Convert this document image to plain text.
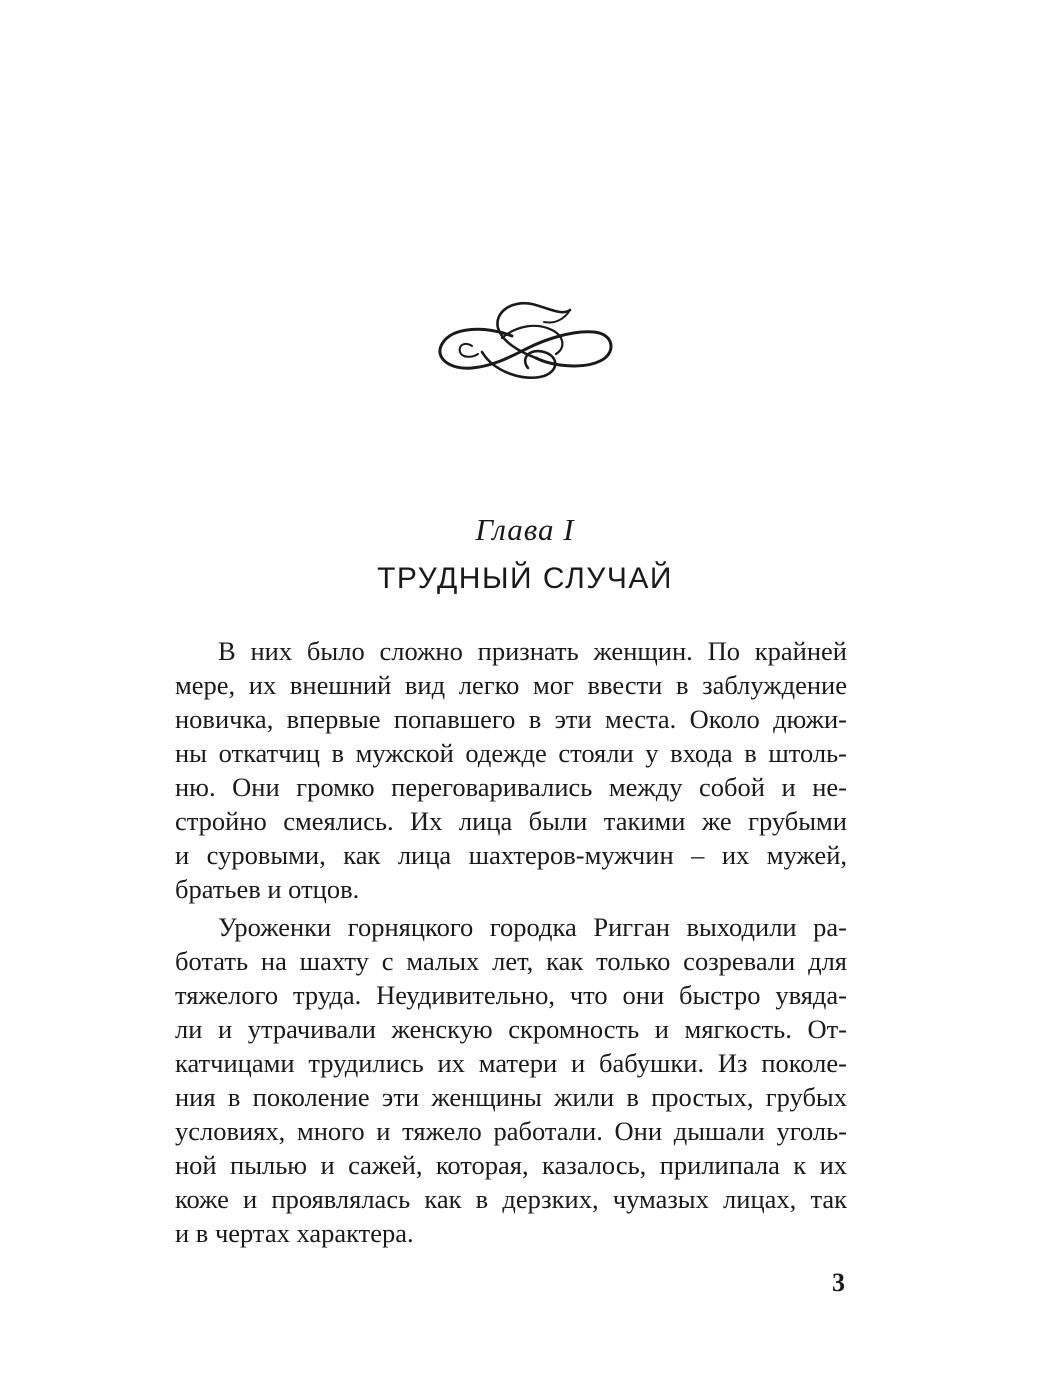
Глава I
ТРУДНЫЙ СЛУЧАЙ
В них было сложно признать женщин. По крайней
мере, их внешний вид легко мог ввести в заблуждение
новичка, впервые попавшего в эти места. Около дюжи-
ны откатчиц в мужской одежде стояли у входа в штоль-
ню. Они громко переговаривались между собой и не-
стройно смеялись. Их лица были такими же грубыми
и суровыми, как лица шахтеров-мужчин – их мужей,
братьев и отцов.
Уроженки горняцкого городка Ригган выходили ра-
ботать на шахту с малых лет, как только созревали для
тяжелого труда. Неудивительно, что они быстро увяда-
ли и утрачивали женскую скромность и мягкость. От-
катчицами трудились их матери и бабушки. Из поколе-
ния в поколение эти женщины жили в простых, грубых
условиях, много и тяжело работали. Они дышали уголь-
ной пылью и сажей, которая, казалось, прилипала к их
коже и проявлялась как в дерзких, чумазых лицах, так
и в чертах характера.
3
